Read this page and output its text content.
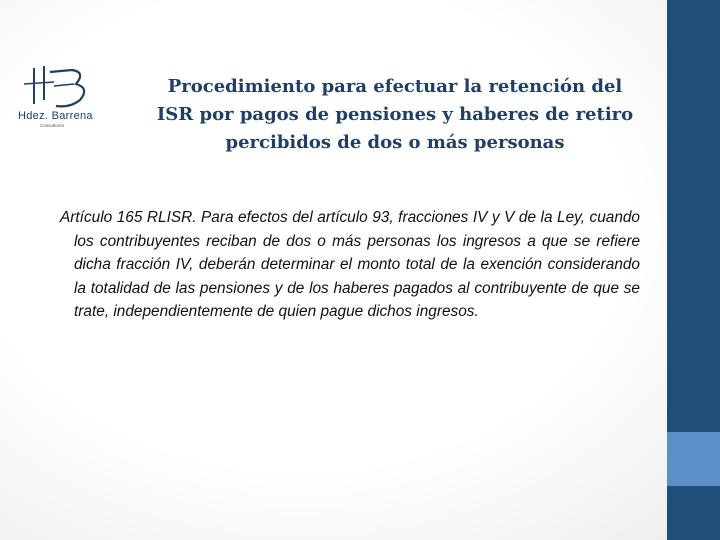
Hdez. Barrena
Consultores
Procedimiento para efectuar la retención del ISR por pagos de pensiones y haberes de retiro percibidos de dos o más personas
Artículo 165 RLISR. Para efectos del artículo 93, fracciones IV y V de la Ley, cuando los contribuyentes reciban de dos o más personas los ingresos a que se refiere dicha fracción IV, deberán determinar el monto total de la exención considerando la totalidad de las pensiones y de los haberes pagados al contribuyente de que se trate, independientemente de quien pague dichos ingresos.
